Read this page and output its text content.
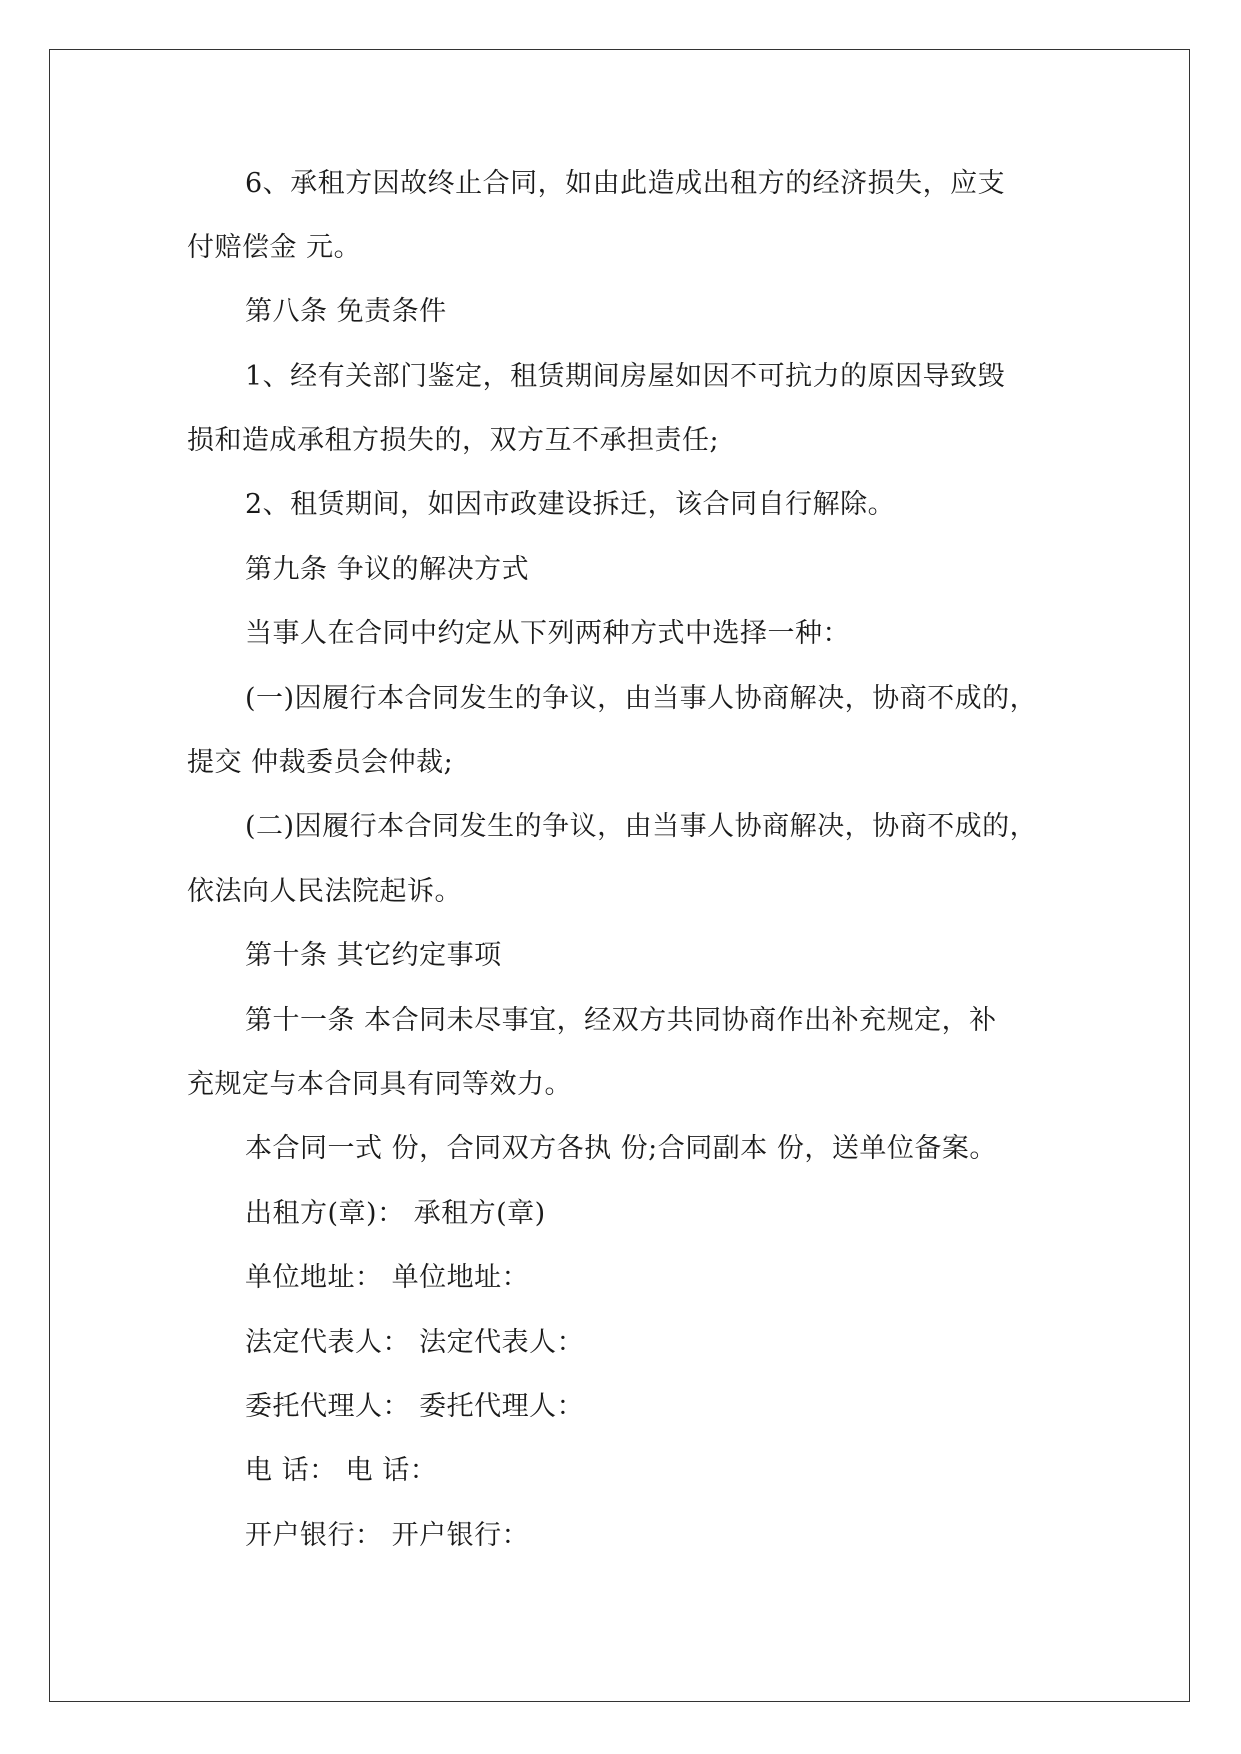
6、承租方因故终止合同，如由此造成出租方的经济损失，应支
付赔偿金 元。
第八条 免责条件
1、经有关部门鉴定，租赁期间房屋如因不可抗力的原因导致毁
损和造成承租方损失的，双方互不承担责任;
2、租赁期间，如因市政建设拆迁，该合同自行解除。
第九条 争议的解决方式
当事人在合同中约定从下列两种方式中选择一种：
(一)因履行本合同发生的争议，由当事人协商解决，协商不成的，
提交 仲裁委员会仲裁;
(二)因履行本合同发生的争议，由当事人协商解决，协商不成的，
依法向人民法院起诉。
第十条 其它约定事项
第十一条 本合同未尽事宜，经双方共同协商作出补充规定，补
充规定与本合同具有同等效力。
本合同一式 份，合同双方各执 份;合同副本 份，送单位备案。
出租方(章)： 承租方(章)
单位地址： 单位地址：
法定代表人： 法定代表人：
委托代理人： 委托代理人：
电 话： 电 话：
开户银行： 开户银行：
